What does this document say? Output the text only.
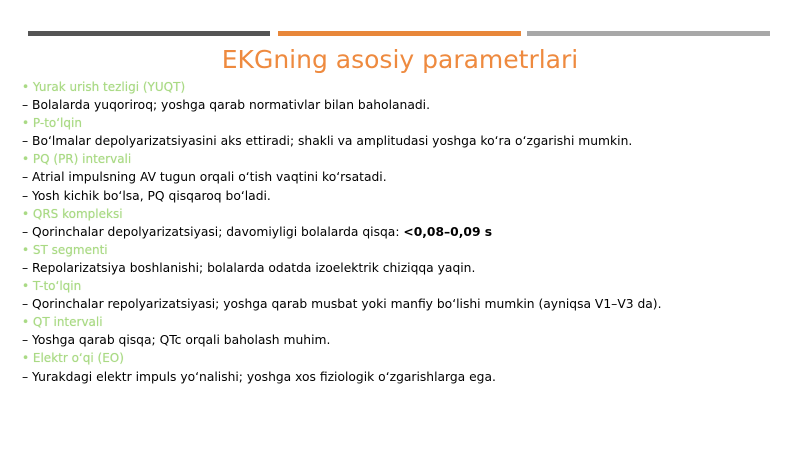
EKGning asosiy parametrlari
• Yurak urish tezligi (YUQT)
– Bolalarda yuqoriroq; yoshga qarab normativlar bilan baholanadi.
• P-toʻlqin
– Boʻlmalar depolyarizatsiyasini aks ettiradi; shakli va amplitudasi yoshga koʻra oʻzgarishi mumkin.
• PQ (PR) intervali
– Atrial impulsning AV tugun orqali oʻtish vaqtini koʻrsatadi.
– Yosh kichik boʻlsa, PQ qisqaroq boʻladi.
• QRS kompleksi
– Qorinchalar depolyarizatsiyasi; davomiyligi bolalarda qisqa: <0,08–0,09 s
• ST segmenti
– Repolarizatsiya boshlanishi; bolalarda odatda izoelektrik chiziqqa yaqin.
• T-toʻlqin
– Qorinchalar repolyarizatsiyasi; yoshga qarab musbat yoki manfiy boʻlishi mumkin (ayniqsa V1–V3 da).
• QT intervali
– Yoshga qarab qisqa; QTc orqali baholash muhim.
• Elektr oʻqi (EO)
– Yurakdagi elektr impuls yoʻnalishi; yoshga xos fiziologik oʻzgarishlarga ega.
